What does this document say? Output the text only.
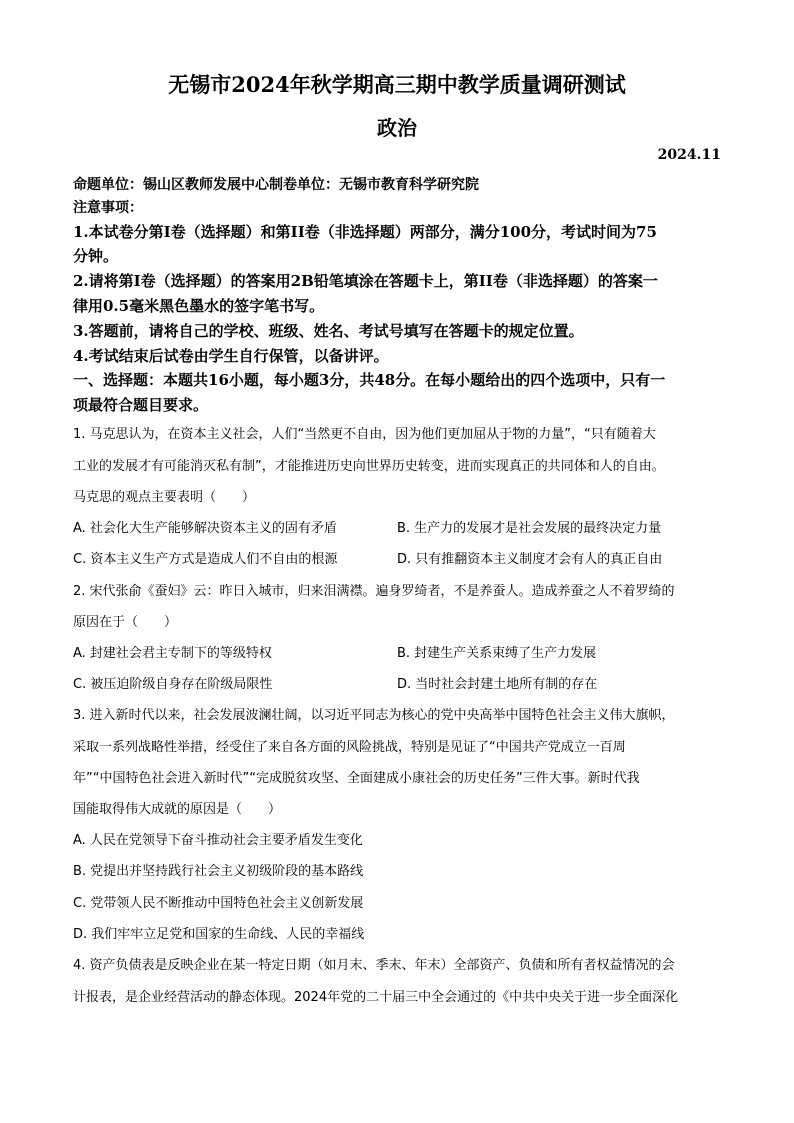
无锡市2024年秋学期高三期中教学质量调研测试
政治
2024.11
命题单位：锡山区教师发展中心制卷单位：无锡市教育科学研究院
注意事项：
1.本试卷分第Ⅰ卷（选择题）和第II卷（非选择题）两部分，满分100分，考试时间为75
分钟。
2.请将第Ⅰ卷（选择题）的答案用2B铅笔填涂在答题卡上，第II卷（非选择题）的答案一
律用0.5毫米黑色墨水的签字笔书写。
3.答题前，请将自己的学校、班级、姓名、考试号填写在答题卡的规定位置。
4.考试结束后试卷由学生自行保管，以备讲评。
一、选择题：本题共16小题，每小题3分，共48分。在每小题给出的四个选项中，只有一
项最符合题目要求。
1. 马克思认为，在资本主义社会，人们“当然更不自由，因为他们更加屈从于物的力量”，“只有随着大
工业的发展才有可能消灭私有制”，才能推进历史向世界历史转变，进而实现真正的共同体和人的自由。
马克思的观点主要表明（　　）
A. 社会化大生产能够解决资本主义的固有矛盾	B. 生产力的发展才是社会发展的最终决定力量
C. 资本主义生产方式是造成人们不自由的根源	D. 只有推翻资本主义制度才会有人的真正自由
2. 宋代张俞《蚕妇》云：昨日入城市，归来泪满襟。遍身罗绮者，不是养蚕人。造成养蚕之人不着罗绮的
原因在于（　　）
A. 封建社会君主专制下的等级特权	B. 封建生产关系束缚了生产力发展
C. 被压迫阶级自身存在阶级局限性	D. 当时社会封建土地所有制的存在
3. 进入新时代以来，社会发展波澜壮阔，以习近平同志为核心的党中央高举中国特色社会主义伟大旗帜，
采取一系列战略性举措，经受住了来自各方面的风险挑战，特别是见证了“中国共产党成立一百周
年”“中国特色社会进入新时代”“完成脱贫攻坚、全面建成小康社会的历史任务”三件大事。新时代我
国能取得伟大成就的原因是（　　）
A. 人民在党领导下奋斗推动社会主要矛盾发生变化
B. 党提出并坚持践行社会主义初级阶段的基本路线
C. 党带领人民不断推动中国特色社会主义创新发展
D. 我们牢牢立足党和国家的生命线、人民的幸福线
4. 资产负债表是反映企业在某一特定日期（如月末、季末、年末）全部资产、负债和所有者权益情况的会
计报表，是企业经营活动的静态体现。2024年党的二十届三中全会通过的《中共中央关于进一步全面深化
